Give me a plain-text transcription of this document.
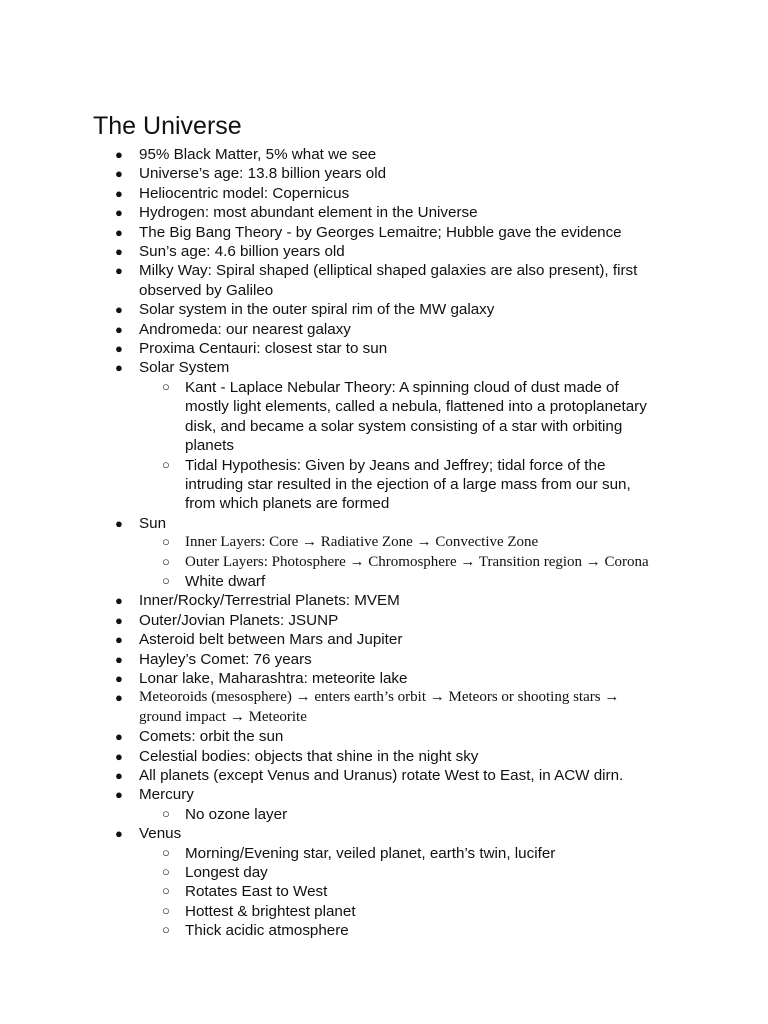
The Universe
● 95% Black Matter, 5% what we see
● Universe’s age: 13.8 billion years old
● Heliocentric model: Copernicus
● Hydrogen: most abundant element in the Universe
● The Big Bang Theory - by Georges Lemaitre; Hubble gave the evidence
● Sun’s age: 4.6 billion years old
● Milky Way: Spiral shaped (elliptical shaped galaxies are also present), first observed by Galileo
● Solar system in the outer spiral rim of the MW galaxy
● Andromeda: our nearest galaxy
● Proxima Centauri: closest star to sun
● Solar System
○ Kant - Laplace Nebular Theory: A spinning cloud of dust made of mostly light elements, called a nebula, flattened into a protoplanetary disk, and became a solar system consisting of a star with orbiting planets
○ Tidal Hypothesis: Given by Jeans and Jeffrey; tidal force of the intruding star resulted in the ejection of a large mass from our sun, from which planets are formed
● Sun
○ Inner Layers: Core → Radiative Zone → Convective Zone
○ Outer Layers: Photosphere → Chromosphere → Transition region → Corona
○ White dwarf
● Inner/Rocky/Terrestrial Planets: MVEM
● Outer/Jovian Planets: JSUNP
● Asteroid belt between Mars and Jupiter
● Hayley’s Comet: 76 years
● Lonar lake, Maharashtra: meteorite lake
● Meteoroids (mesosphere) → enters earth’s orbit → Meteors or shooting stars → ground impact → Meteorite
● Comets: orbit the sun
● Celestial bodies: objects that shine in the night sky
● All planets (except Venus and Uranus) rotate West to East, in ACW dirn.
● Mercury
○ No ozone layer
● Venus
○ Morning/Evening star, veiled planet, earth’s twin, lucifer
○ Longest day
○ Rotates East to West
○ Hottest & brightest planet
○ Thick acidic atmosphere
